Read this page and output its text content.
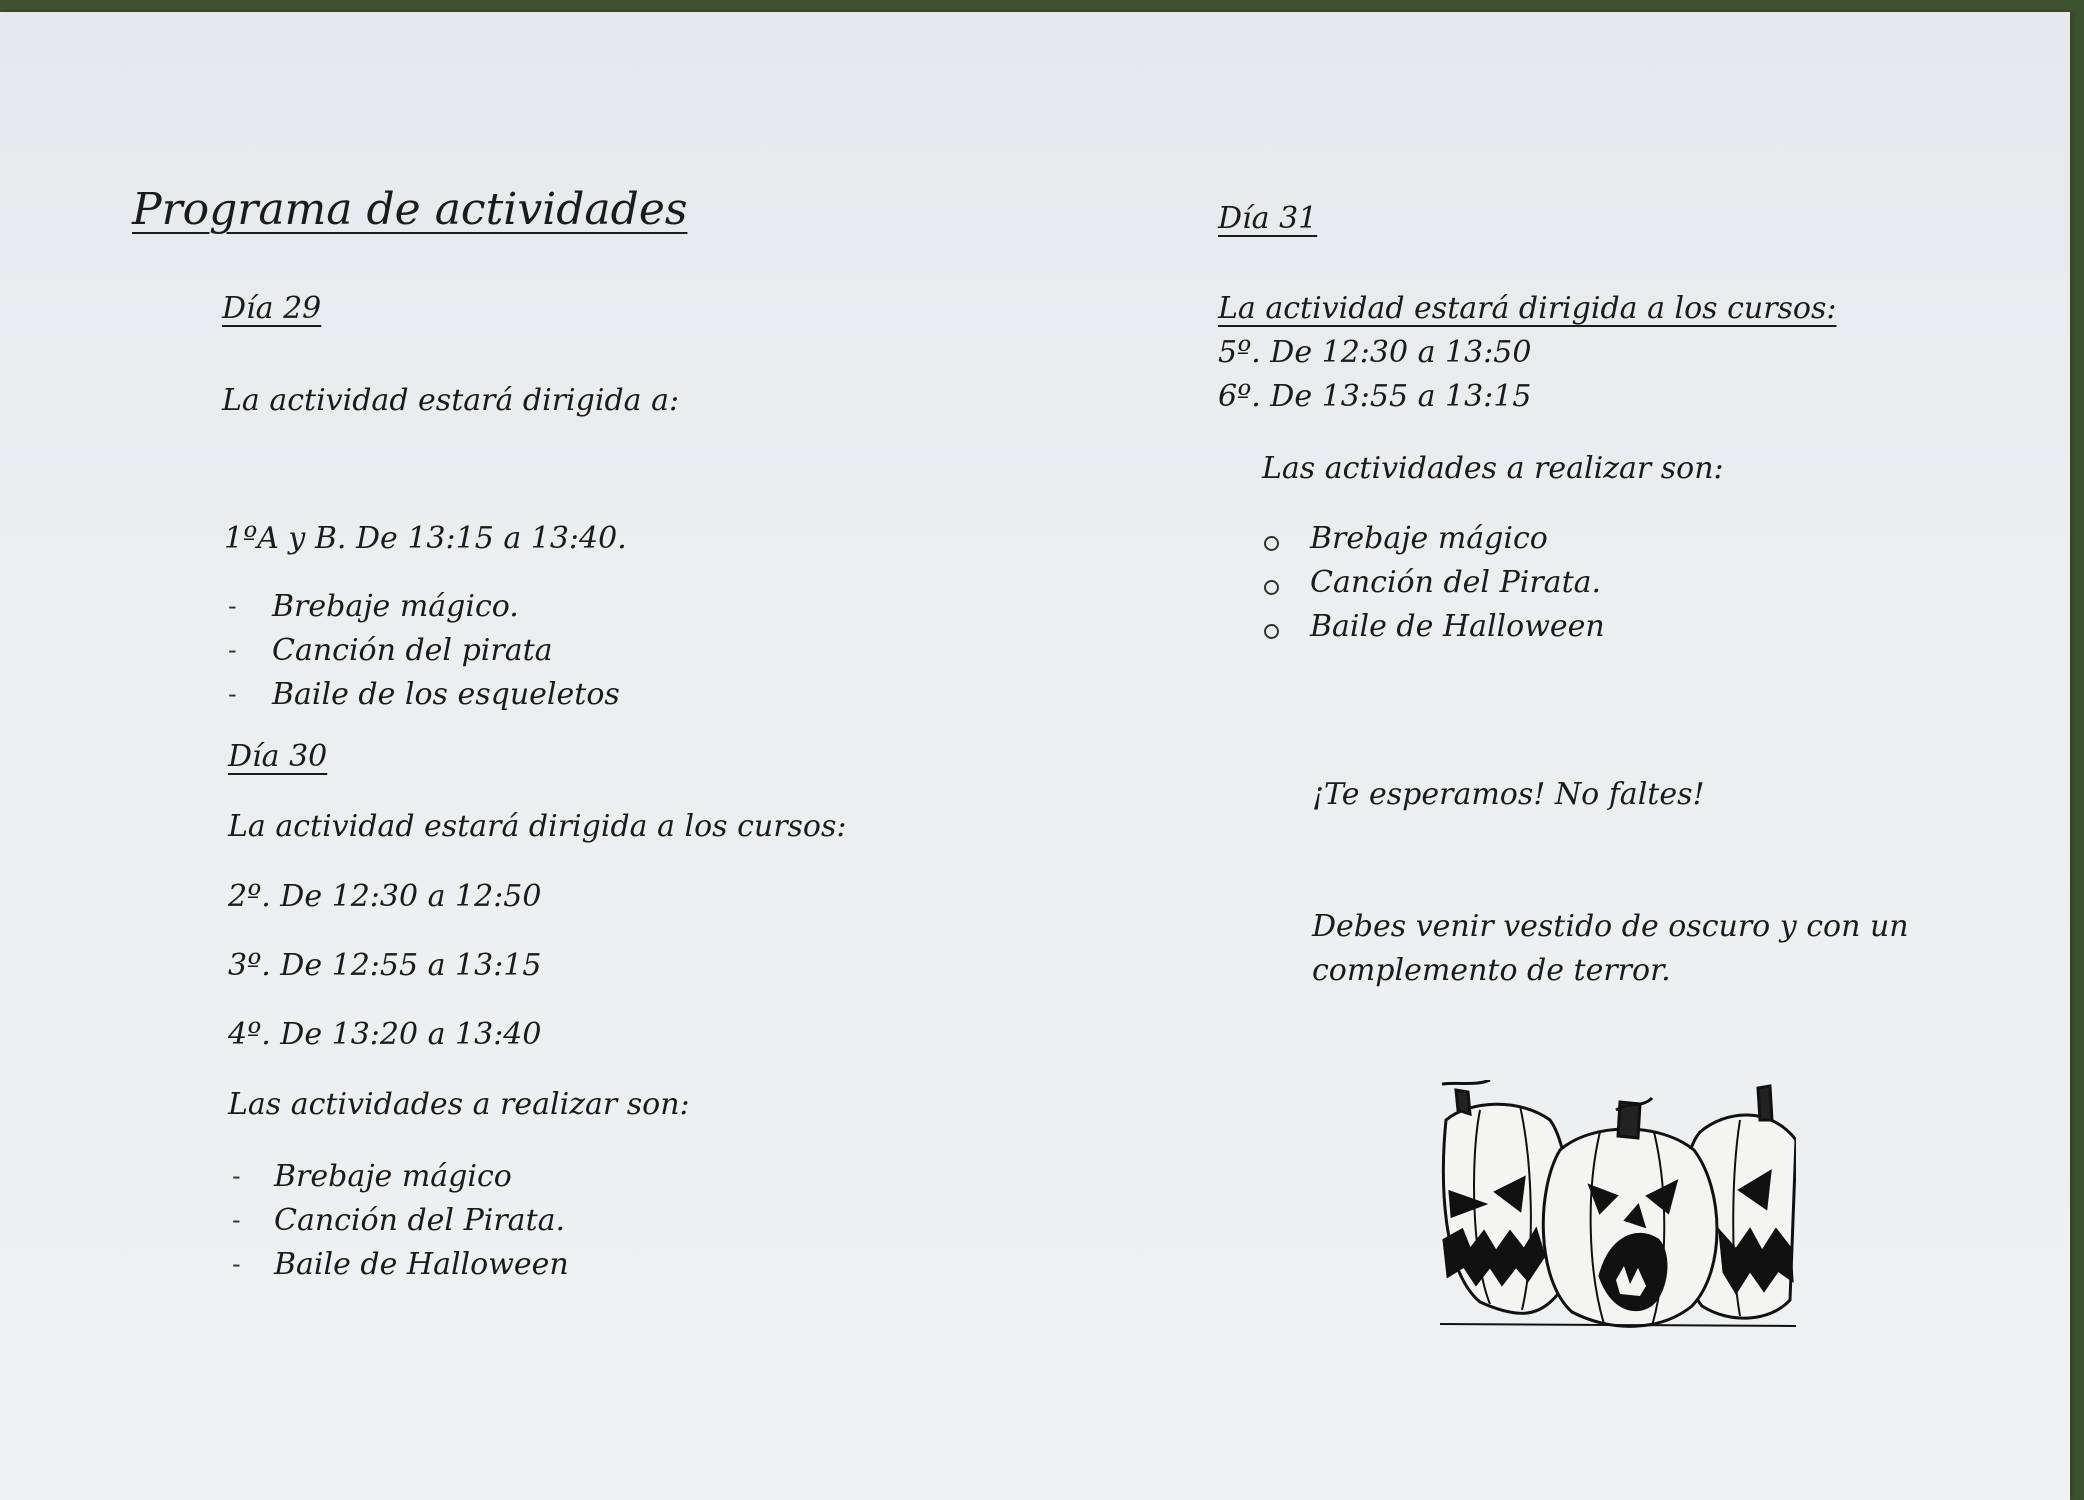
Programa de actividades
Día 29
La actividad estará dirigida a:
1ºA y B. De 13:15 a 13:40.
- Brebaje mágico.
- Canción del pirata
- Baile de los esqueletos
Día 30
La actividad estará dirigida a los cursos:
2º. De 12:30 a 12:50
3º. De 12:55 a 13:15
4º. De 13:20 a 13:40
Las actividades a realizar son:
- Brebaje mágico
- Canción del Pirata.
- Baile de Halloween
Día 31
La actividad estará dirigida a los cursos:
5º. De 12:30 a 13:50
6º. De 13:55 a 13:15
Las actividades a realizar son:
Brebaje mágico
Canción del Pirata.
Baile de Halloween
¡Te esperamos! No faltes!
Debes venir vestido de oscuro y con un
complemento de terror.
